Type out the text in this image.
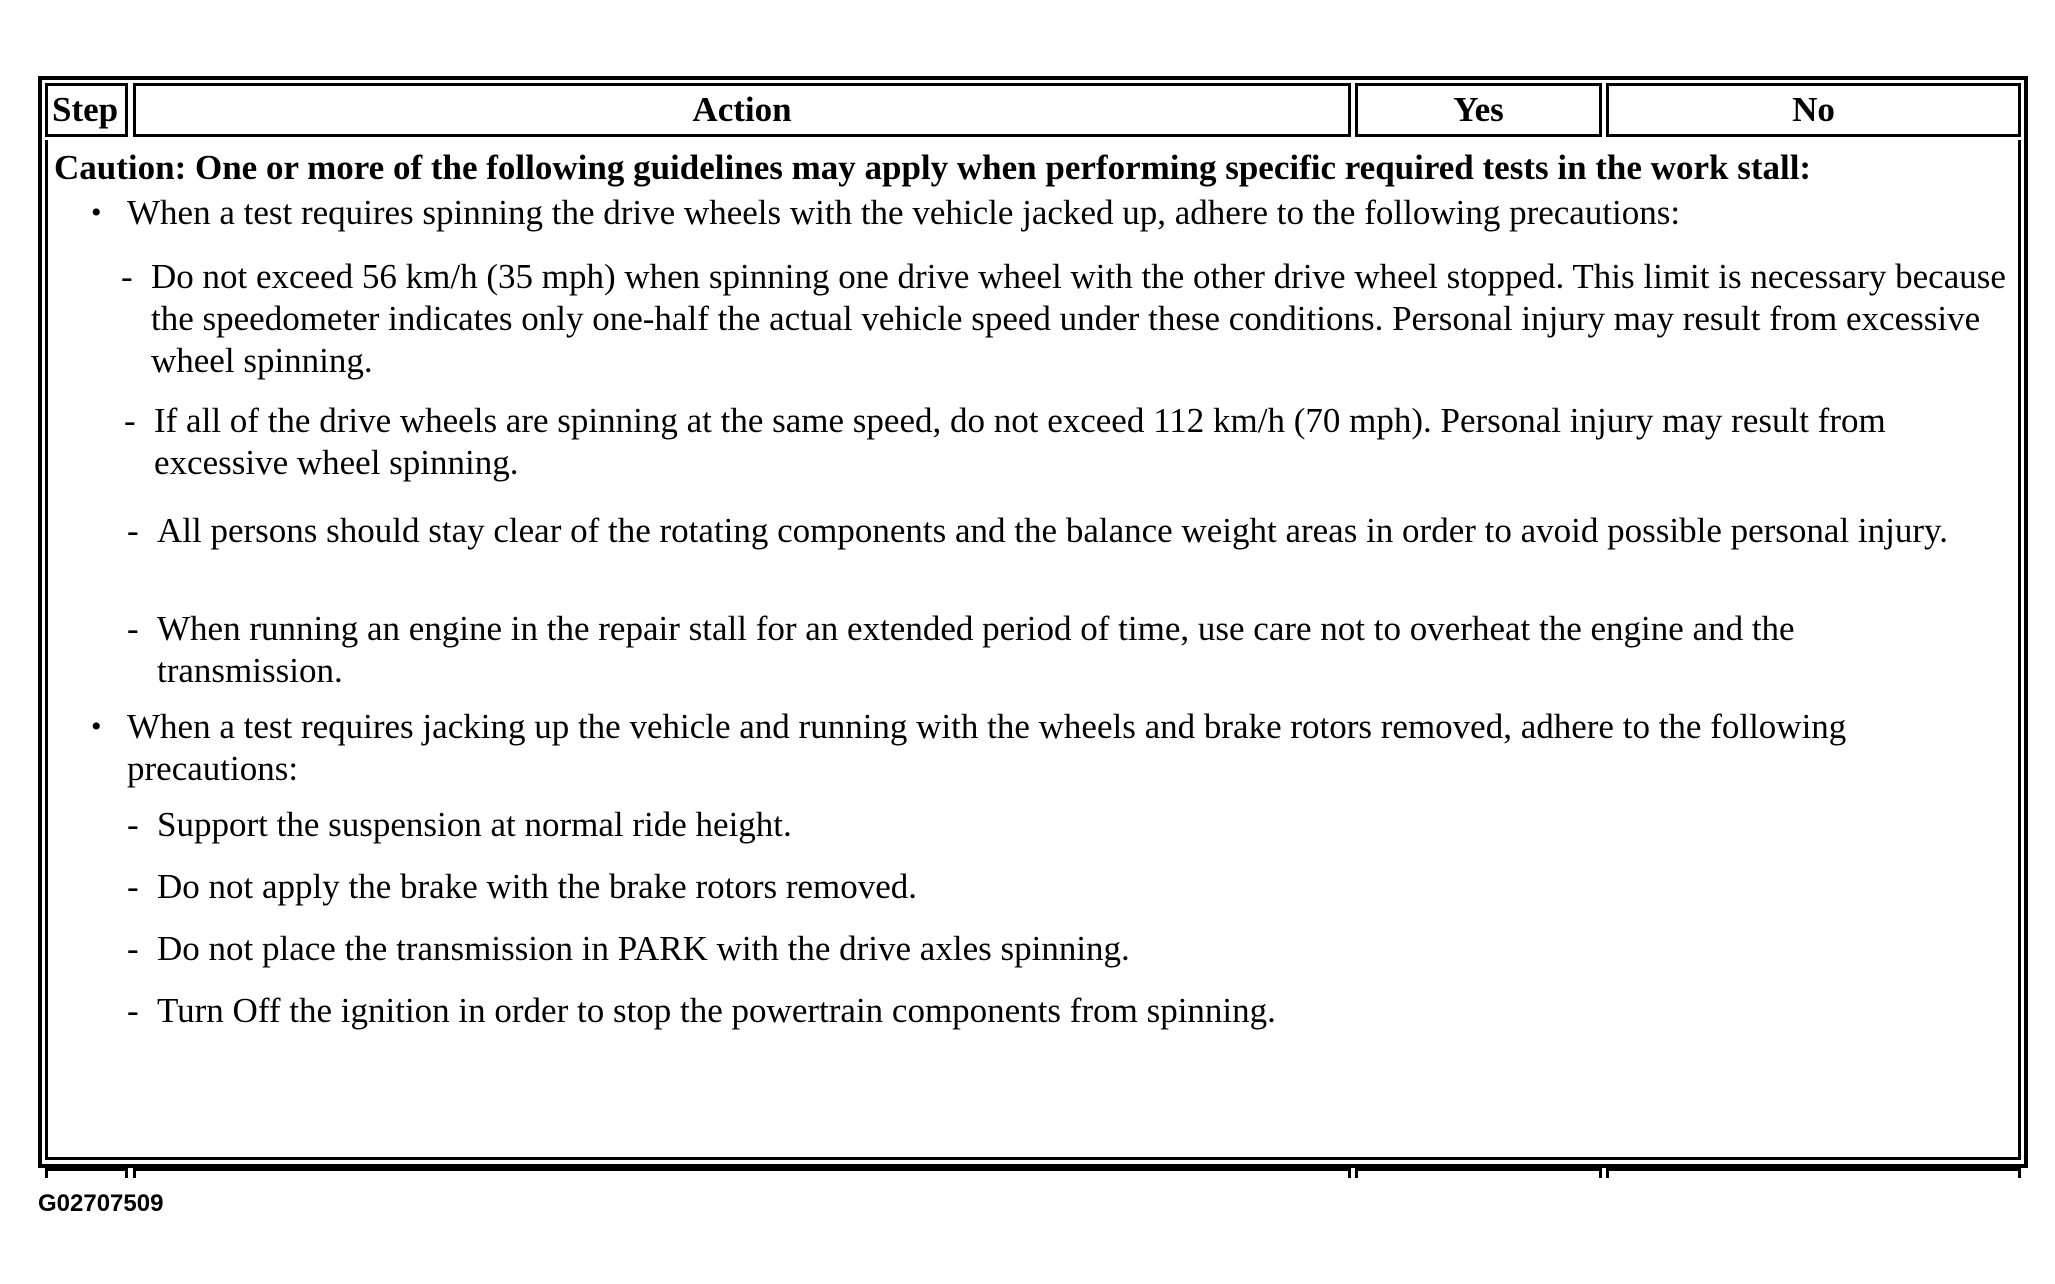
Step	Action	Yes	No
Caution: One or more of the following guidelines may apply when performing specific required tests in the work stall:
• When a test requires spinning the drive wheels with the vehicle jacked up, adhere to the following precautions:
- Do not exceed 56 km/h (35 mph) when spinning one drive wheel with the other drive wheel stopped. This limit is necessary because the speedometer indicates only one-half the actual vehicle speed under these conditions. Personal injury may result from excessive wheel spinning.
- If all of the drive wheels are spinning at the same speed, do not exceed 112 km/h (70 mph). Personal injury may result from excessive wheel spinning.
- All persons should stay clear of the rotating components and the balance weight areas in order to avoid possible personal injury.
- When running an engine in the repair stall for an extended period of time, use care not to overheat the engine and the transmission.
• When a test requires jacking up the vehicle and running with the wheels and brake rotors removed, adhere to the following precautions:
- Support the suspension at normal ride height.
- Do not apply the brake with the brake rotors removed.
- Do not place the transmission in PARK with the drive axles spinning.
- Turn Off the ignition in order to stop the powertrain components from spinning.
G02707509
